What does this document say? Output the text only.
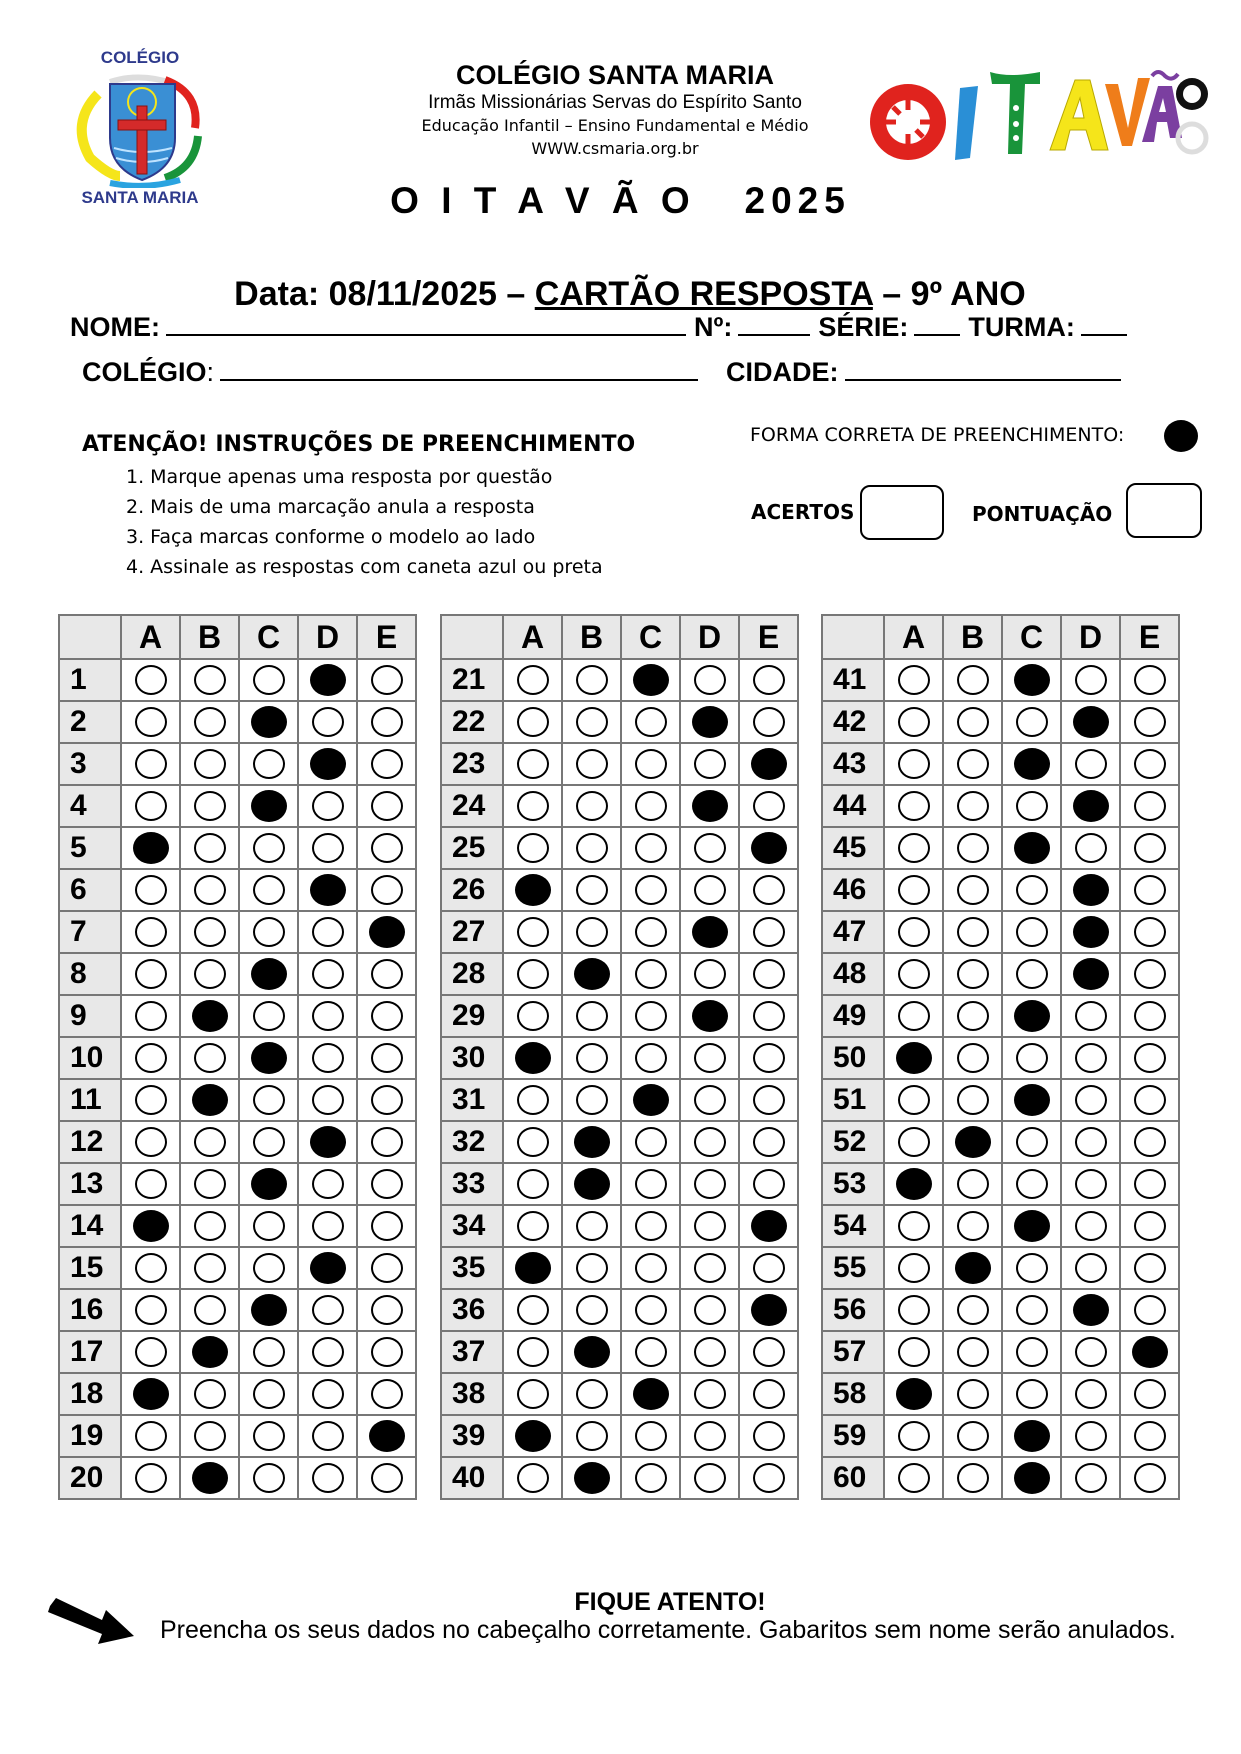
COLÉGIO
SANTA MARIA
COLÉGIO SANTA MARIA
Irmãs Missionárias Servas do Espírito Santo
Educação Infantil – Ensino Fundamental e Médio
WWW.csmaria.org.br
O I T A V Ã O   2025

Data: 08/11/2025 – CARTÃO RESPOSTA – 9º ANO

NOME:	Nº:	SÉRIE: TURMA:
COLÉGIO:	CIDADE:
ATENÇÃO! INSTRUÇÕES DE PREENCHIMENTO
1. Marque apenas uma resposta por questão
2. Mais de uma marcação anula a resposta
3. Faça marcas conforme o modelo ao lado
4. Assinale as respostas com caneta azul ou preta
FORMA CORRETA DE PREENCHIMENTO:
ACERTOS	PONTUAÇÃO
	A	B	C	D	E
1					
2					
3					
4					
5					
6					
7					
8					
9					
10					
11					
12					
13					
14					
15					
16					
17					
18					
19					
20					
	A	B	C	D	E
21					
22					
23					
24					
25					
26					
27					
28					
29					
30					
31					
32					
33					
34					
35					
36					
37					
38					
39					
40					
	A	B	C	D	E
41					
42					
43					
44					
45					
46					
47					
48					
49					
50					
51					
52					
53					
54					
55					
56					
57					
58					
59					
60					
FIQUE ATENTO!
Preencha os seus dados no cabeçalho corretamente. Gabaritos sem nome serão anulados.
